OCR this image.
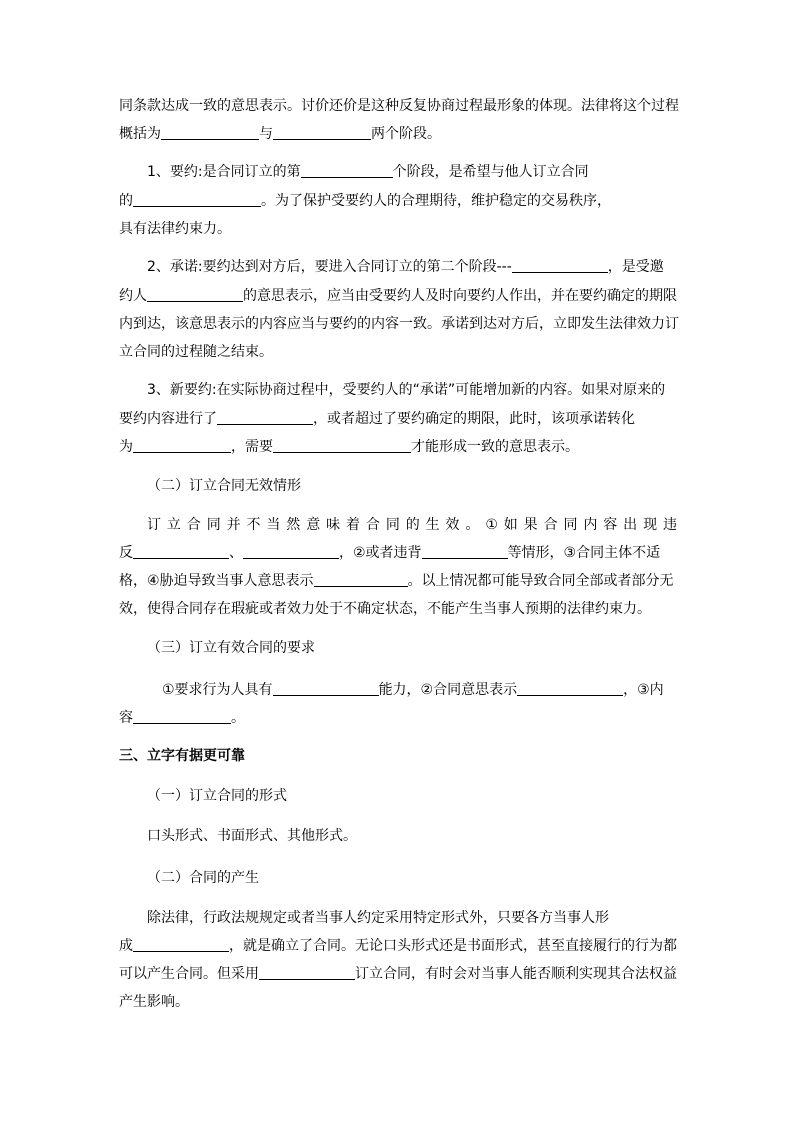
同条款达成一致的意思表示。讨价还价是这种反复协商过程最形象的体现。法律将这个过程
概括为	与	两个阶段。
1、要约:是合同订立的第	个阶段，是希望与他人订立合同
的	。为了保护受要约人的合理期待，维护稳定的交易秩序，
具有法律约束力。
2、承诺:要约达到对方后，要进入合同订立的第二个阶段---	，是受邀
约人	的意思表示，应当由受要约人及时向要约人作出，并在要约确定的期限
内到达，该意思表示的内容应当与要约的内容一致。承诺到达对方后，立即发生法律效力订
立合同的过程随之结束。
3、新要约:在实际协商过程中，受要约人的“承诺”可能增加新的内容。如果对原来的
要约内容进行了	，或者超过了要约确定的期限，此时，该项承诺转化
为	，需要	才能形成一致的意思表示。
（二）订立合同无效情形
订立合同并不当然意味着合同的生效。①如果合同内容出现违
反	、	，②或者违背	等情形，③合同主体不适
格，④胁迫导致当事人意思表示	。以上情况都可能导致合同全部或者部分无
效，使得合同存在瑕疵或者效力处于不确定状态，不能产生当事人预期的法律约束力。
（三）订立有效合同的要求
①要求行为人具有	能力，②合同意思表示	，③内
容	。
三、立字有据更可靠
（一）订立合同的形式
口头形式、书面形式、其他形式。
（二）合同的产生
除法律，行政法规规定或者当事人约定采用特定形式外，只要各方当事人形
成	，就是确立了合同。无论口头形式还是书面形式，甚至直接履行的行为都
可以产生合同。但采用	订立合同，有时会对当事人能否顺利实现其合法权益
产生影响。
